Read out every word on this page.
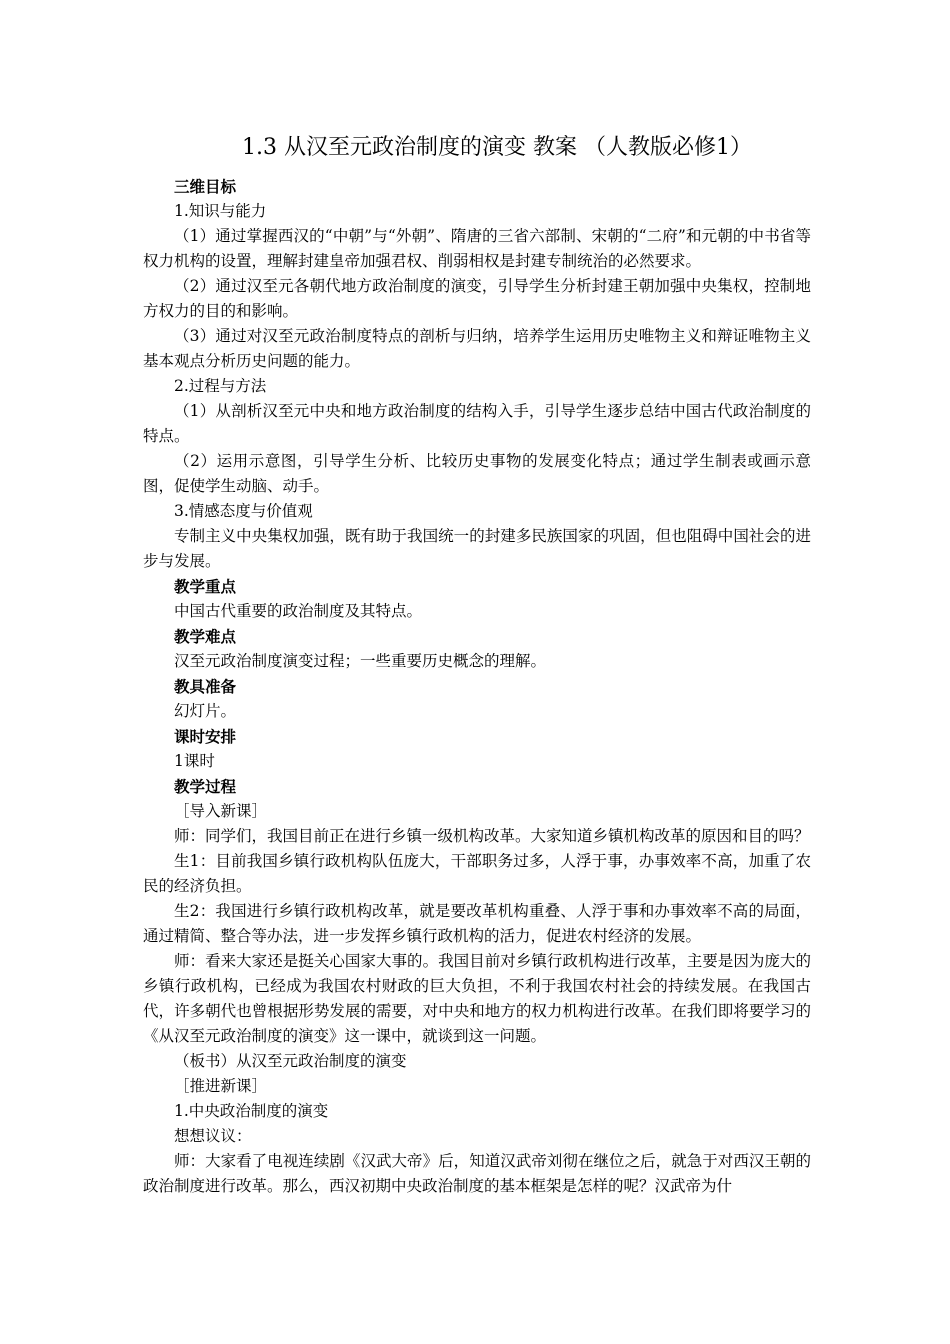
1.3 从汉至元政治制度的演变 教案 （人教版必修1）

三维目标

1.知识与能力

（1）通过掌握西汉的“中朝”与“外朝”、隋唐的三省六部制、宋朝的“二府”和元朝的中书省等权力机构的设置，理解封建皇帝加强君权、削弱相权是封建专制统治的必然要求。

（2）通过汉至元各朝代地方政治制度的演变，引导学生分析封建王朝加强中央集权，控制地方权力的目的和影响。

（3）通过对汉至元政治制度特点的剖析与归纳，培养学生运用历史唯物主义和辩证唯物主义基本观点分析历史问题的能力。

2.过程与方法

（1）从剖析汉至元中央和地方政治制度的结构入手，引导学生逐步总结中国古代政治制度的特点。

（2）运用示意图，引导学生分析、比较历史事物的发展变化特点；通过学生制表或画示意图，促使学生动脑、动手。

3.情感态度与价值观

专制主义中央集权加强，既有助于我国统一的封建多民族国家的巩固，但也阻碍中国社会的进步与发展。

教学重点

中国古代重要的政治制度及其特点。

教学难点

汉至元政治制度演变过程；一些重要历史概念的理解。

教具准备

幻灯片。

课时安排

1课时

教学过程

［导入新课］

师：同学们，我国目前正在进行乡镇一级机构改革。大家知道乡镇机构改革的原因和目的吗？

生1：目前我国乡镇行政机构队伍庞大，干部职务过多，人浮于事，办事效率不高，加重了农民的经济负担。

生2：我国进行乡镇行政机构改革，就是要改革机构重叠、人浮于事和办事效率不高的局面，通过精简、整合等办法，进一步发挥乡镇行政机构的活力，促进农村经济的发展。

师：看来大家还是挺关心国家大事的。我国目前对乡镇行政机构进行改革，主要是因为庞大的乡镇行政机构，已经成为我国农村财政的巨大负担，不利于我国农村社会的持续发展。在我国古代，许多朝代也曾根据形势发展的需要，对中央和地方的权力机构进行改革。在我们即将要学习的《从汉至元政治制度的演变》这一课中，就谈到这一问题。

（板书）从汉至元政治制度的演变

［推进新课］

1.中央政治制度的演变

想想议议：

师：大家看了电视连续剧《汉武大帝》后，知道汉武帝刘彻在继位之后，就急于对西汉王朝的政治制度进行改革。那么，西汉初期中央政治制度的基本框架是怎样的呢？汉武帝为什
